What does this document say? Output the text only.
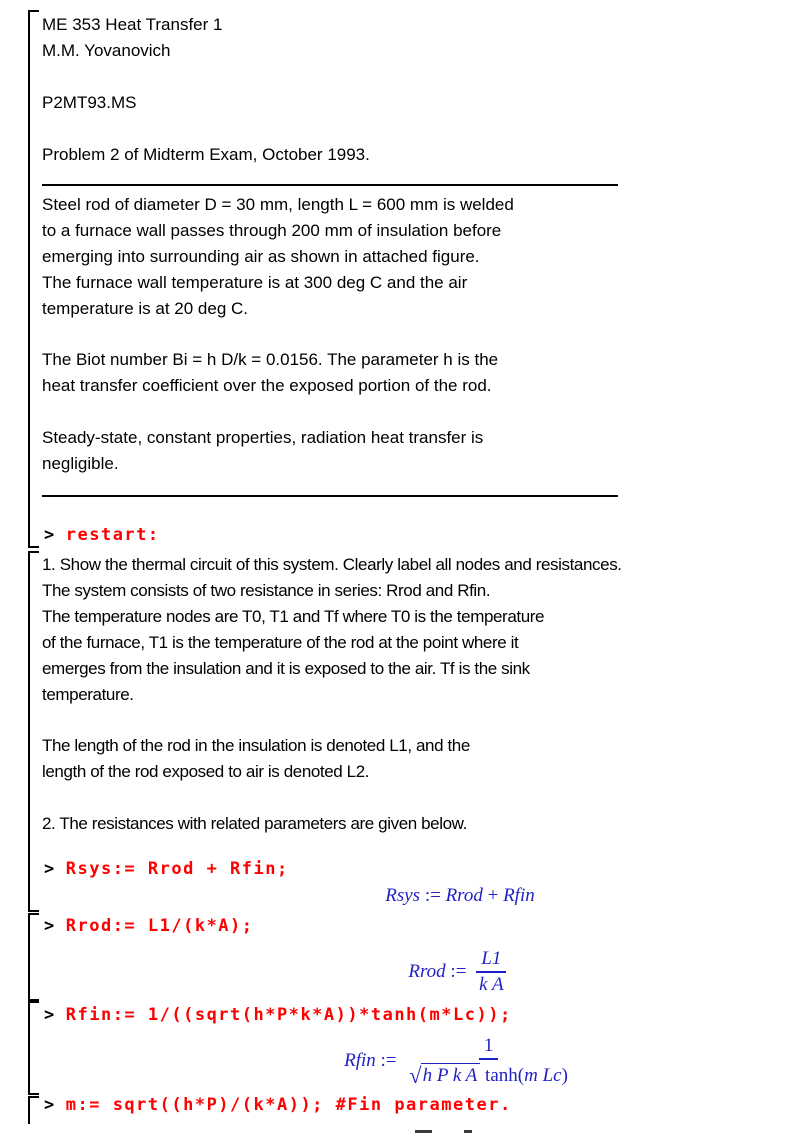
ME 353 Heat Transfer 1
M.M. Yovanovich
P2MT93.MS
Problem 2 of Midterm Exam, October 1993.
Steel rod of diameter D = 30 mm, length L = 600 mm is welded
to a furnace wall passes through 200 mm of insulation before
emerging into surrounding air as shown in attached figure.
The furnace wall temperature is at 300 deg C and the air
temperature is at 20 deg C.
The Biot number Bi = h D/k = 0.0156. The parameter h is the
heat transfer coefficient over the exposed portion of the rod.
Steady-state, constant properties, radiation heat transfer is
negligible.
> restart:
1. Show the thermal circuit of this system. Clearly label all nodes and resistances.
The system consists of two resistance in series: Rrod and Rfin.
The temperature nodes are T0, T1 and Tf where T0 is the temperature
of the furnace, T1 is the temperature of the rod at the point where it
emerges from the insulation and it is exposed to the air. Tf is the sink
temperature.
The length of the rod in the insulation is denoted L1, and the
length of the rod exposed to air is denoted L2.
2. The resistances with related parameters are given below.
> Rsys:= Rrod + Rfin;
Rsys := Rrod + Rfin
> Rrod:= L1/(k*A);
Rrod := $\frac{L1}{\text{k A}}$
> Rfin:= 1/((sqrt(h*P*k*A))*tanh(m*Lc));
Rfin := $\frac{1}{\text{√h P k A tanh(m Lc)}}$
> m:= sqrt((h*P)/(k*A)); #Fin parameter.
